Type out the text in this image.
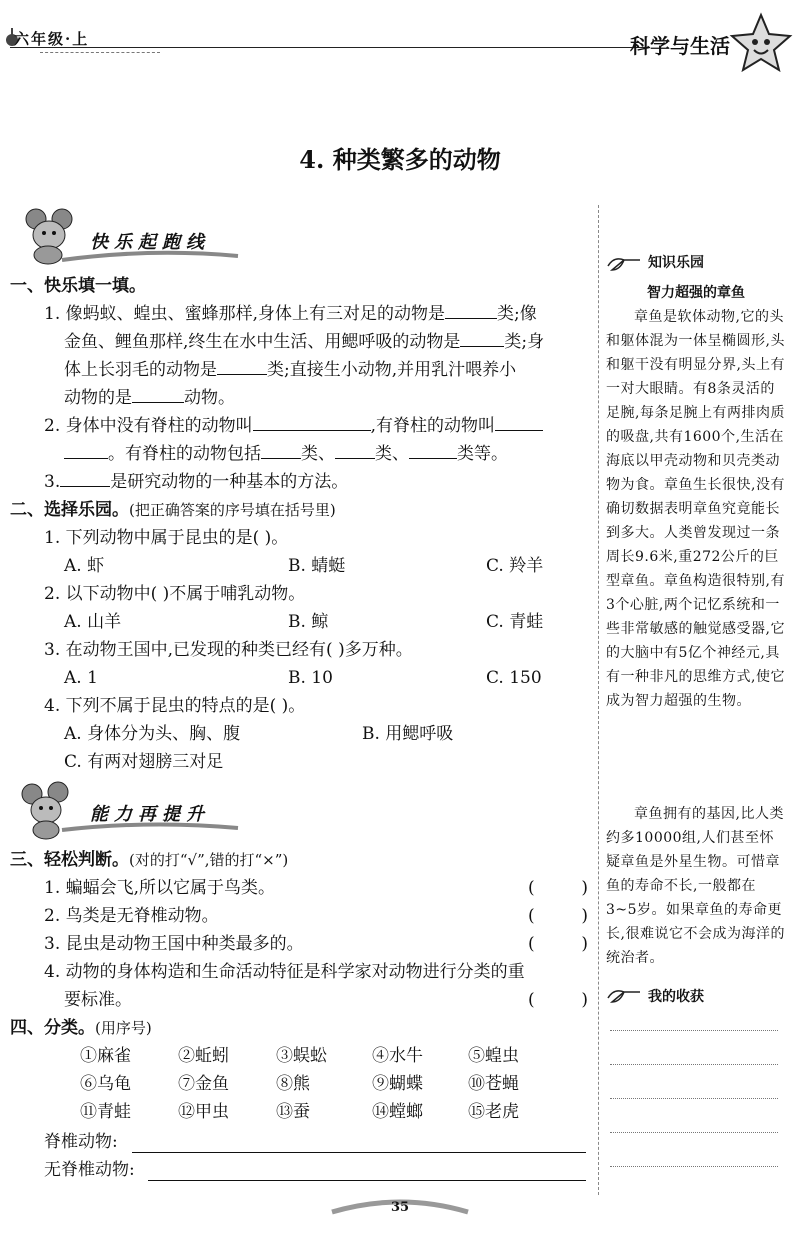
六年级·上	科学与生活
4. 种类繁多的动物
快乐起跑线
一、快乐填一填。
1. 像蚂蚁、蝗虫、蜜蜂那样,身体上有三对足的动物是	类;像
金鱼、鲤鱼那样,终生在水中生活、用鳃呼吸的动物是	类;身
体上长羽毛的动物是	类;直接生小动物,并用乳汁喂养小
动物的是	动物。
2. 身体中没有脊柱的动物叫	,有脊柱的动物叫
。有脊柱的动物包括 类、 类、	类等。
3.	是研究动物的一种基本的方法。
二、选择乐园。(把正确答案的序号填在括号里)
1. 下列动物中属于昆虫的是( )。
A. 虾	B. 蜻蜓	C. 羚羊
2. 以下动物中( )不属于哺乳动物。
A. 山羊	B. 鲸	C. 青蛙
3. 在动物王国中,已发现的种类已经有( )多万种。
A. 1	B. 10	C. 150
4. 下列不属于昆虫的特点的是( )。
A. 身体分为头、胸、腹	B. 用鳃呼吸
C. 有两对翅膀三对足
能力再提升
三、轻松判断。(对的打“√”,错的打“×”)
1. 蝙蝠会飞,所以它属于鸟类。	(	)
2. 鸟类是无脊椎动物。	(	)
3. 昆虫是动物王国中种类最多的。	(	)
4. 动物的身体构造和生命活动特征是科学家对动物进行分类的重
要标准。	(	)
四、分类。(用序号)
①麻雀	②蚯蚓	③蜈蚣	④水牛	⑤蝗虫
⑥乌龟	⑦金鱼	⑧熊	⑨蝴蝶	⑩苍蝇
⑪青蛙	⑫甲虫	⑬蚕	⑭螳螂	⑮老虎
脊椎动物:
无脊椎动物:
知识乐园
智力超强的章鱼
章鱼是软体动物,它的头和躯体混为一体呈椭圆形,头和躯干没有明显分界,头上有一对大眼睛。有8条灵活的足腕,每条足腕上有两排肉质的吸盘,共有1600个,生活在海底以甲壳动物和贝壳类动物为食。章鱼生长很快,没有确切数据表明章鱼究竟能长到多大。人类曾发现过一条周长9.6米,重272公斤的巨型章鱼。章鱼构造很特别,有3个心脏,两个记忆系统和一些非常敏感的触觉感受器,它的大脑中有5亿个神经元,具有一种非凡的思维方式,使它成为智力超强的生物。
章鱼拥有的基因,比人类约多10000组,人们甚至怀疑章鱼是外星生物。可惜章鱼的寿命不长,一般都在3~5岁。如果章鱼的寿命更长,很难说它不会成为海洋的统治者。
我的收获
35
